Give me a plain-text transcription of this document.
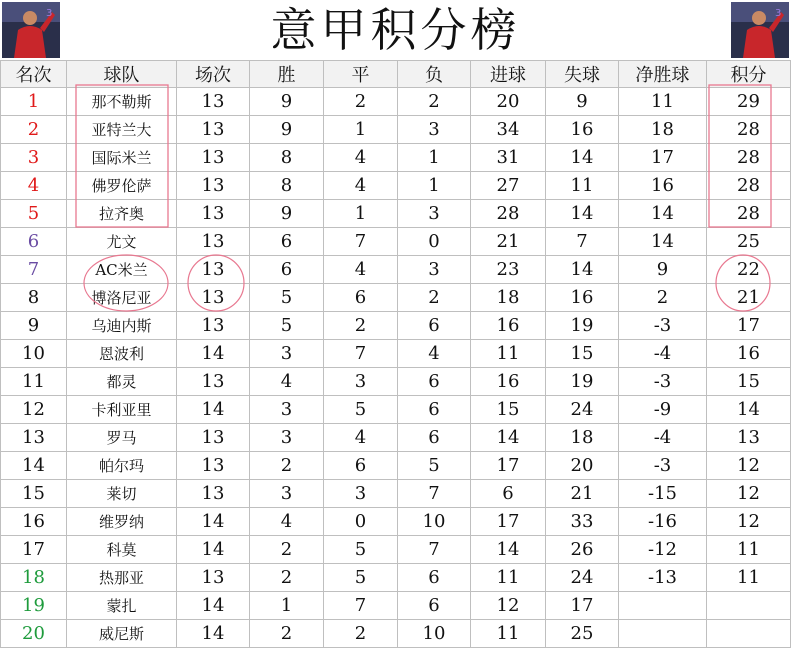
3	意甲积分榜	3
名次	球队	场次	胜	平	负	进球	失球	净胜球	积分
1	那不勒斯	13	9	2	2	20	9	11	29
2	亚特兰大	13	9	1	3	34	16	18	28
3	国际米兰	13	8	4	1	31	14	17	28
4	佛罗伦萨	13	8	4	1	27	11	16	28
5	拉齐奥	13	9	1	3	28	14	14	28
6	尤文	13	6	7	0	21	7	14	25
7	AC米兰	13	6	4	3	23	14	9	22
8	博洛尼亚	13	5	6	2	18	16	2	21
9	乌迪内斯	13	5	2	6	16	19	-3	17
10	恩波利	14	3	7	4	11	15	-4	16
11	都灵	13	4	3	6	16	19	-3	15
12	卡利亚里	14	3	5	6	15	24	-9	14
13	罗马	13	3	4	6	14	18	-4	13
14	帕尔玛	13	2	6	5	17	20	-3	12
15	莱切	13	3	3	7	6	21	-15	12
16	维罗纳	14	4	0	10	17	33	-16	12
17	科莫	14	2	5	7	14	26	-12	11
18	热那亚	13	2	5	6	11	24	-13	11
19	蒙扎	14	1	7	6	12	17		
20	威尼斯	14	2	2	10	11	25		
